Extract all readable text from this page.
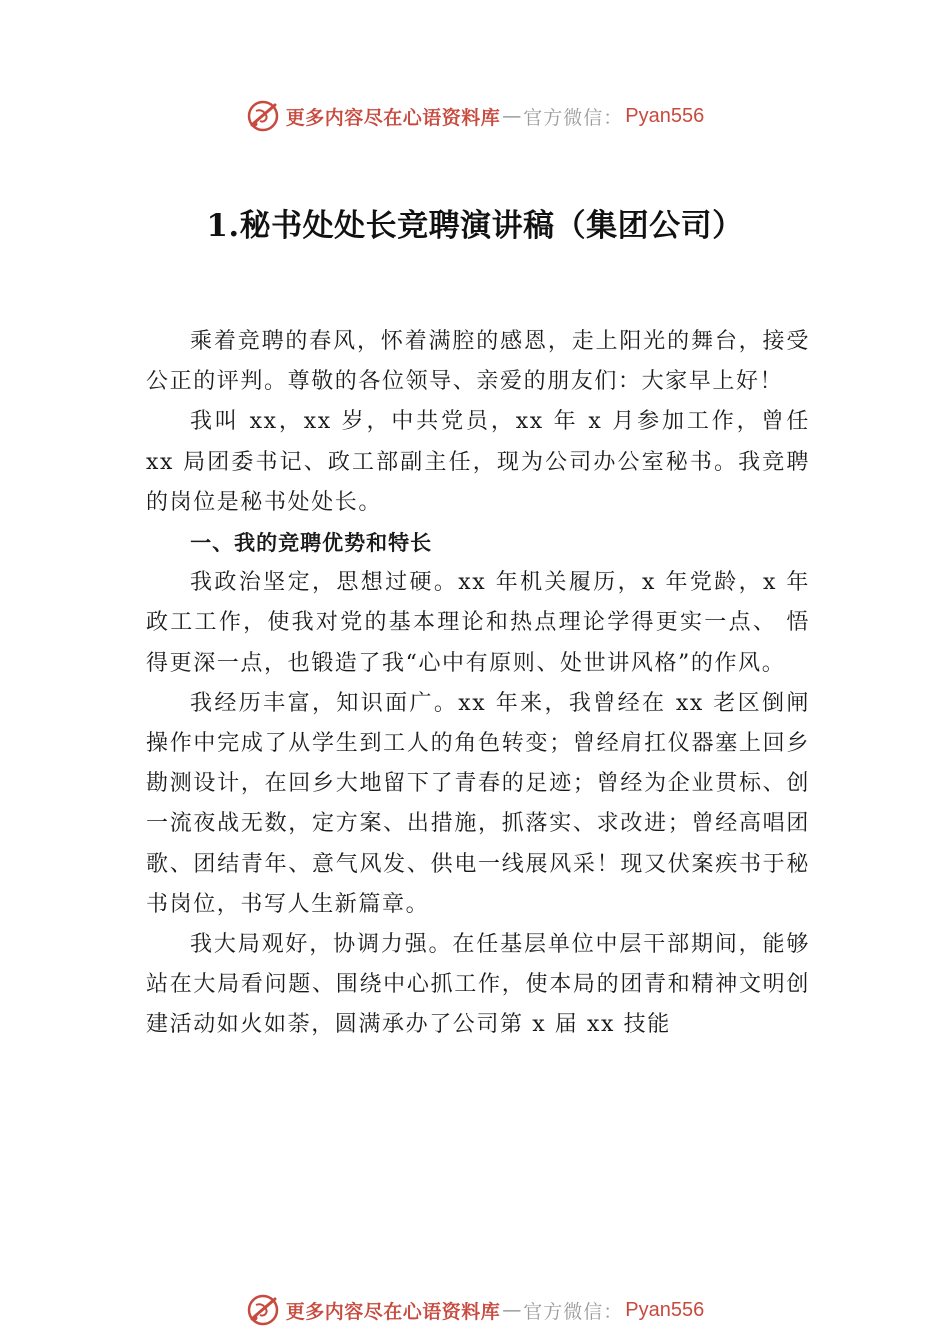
更多内容尽在心语资料库 — 官方微信： Pyan556
1.秘书处处长竞聘演讲稿（集团公司）

乘着竞聘的春风，怀着满腔的感恩，走上阳光的舞台，接受公正的评判。尊敬的各位领导、亲爱的朋友们：大家早上好！

我叫 xx，xx 岁，中共党员，xx 年 x 月参加工作，曾任 xx 局团委书记、政工部副主任，现为公司办公室秘书。我竞聘的岗位是秘书处处长。

一、我的竞聘优势和特长

我政治坚定，思想过硬。xx 年机关履历，x 年党龄，x 年政工工作，使我对党的基本理论和热点理论学得更实一点、 悟得更深一点，也锻造了我“心中有原则、处世讲风格”的作风。

我经历丰富，知识面广。xx 年来，我曾经在 xx 老区倒闸操作中完成了从学生到工人的角色转变；曾经肩扛仪器塞上回乡勘测设计，在回乡大地留下了青春的足迹；曾经为企业贯标、创一流夜战无数，定方案、出措施，抓落实、求改进；曾经高唱团歌、团结青年、意气风发、供电一线展风采！现又伏案疾书于秘书岗位，书写人生新篇章。

我大局观好，协调力强。在任基层单位中层干部期间，能够站在大局看问题、围绕中心抓工作，使本局的团青和精神文明创建活动如火如荼，圆满承办了公司第 x 届 xx 技能

更多内容尽在心语资料库 — 官方微信： Pyan556
